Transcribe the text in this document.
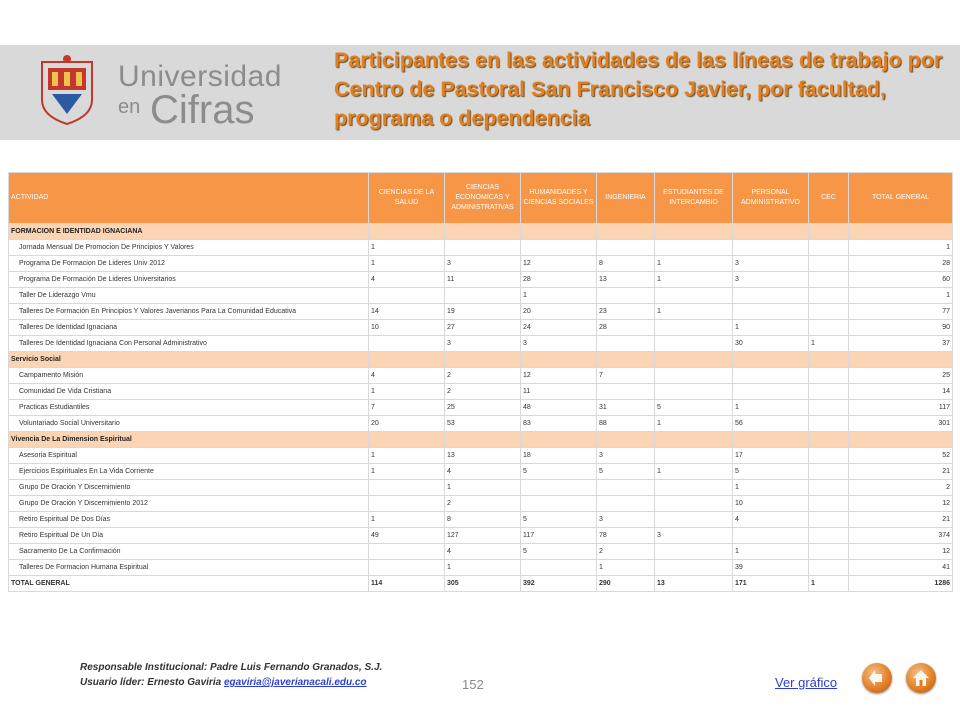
Universidad
en Cifras
Participantes en las actividades de las líneas de trabajo por Centro de Pastoral San Francisco Javier, por facultad, programa o dependencia
ACTIVIDAD	CIENCIAS DE LA SALUD	CIENCIAS ECONOMICAS Y ADMINISTRATIVAS	HUMANIDADES Y CIENCIAS SOCIALES	INGENIERIA	ESTUDIANTES DE INTERCAMBIO	PERSONAL ADMINISTRATIVO	CEC	TOTAL GENERAL
FORMACION E IDENTIDAD IGNACIANA								
Jornada Mensual De Promocion De Principios Y Valores	1							1
Programa De Formacion De Lideres Univ 2012	1	3	12	8	1	3		28
Programa De Formación De Lideres Universitarios	4	11	28	13	1	3		60
Taller De Liderazgo Vmu			1					1
Talleres De Formación En Principios Y Valores Javerianos Para La Comunidad Educativa	14	19	20	23	1			77
Talleres De Identidad Ignaciana	10	27	24	28		1		90
Talleres De Identidad Ignaciana Con Personal Administrativo		3	3			30	1	37
Servicio Social								
Campamento Misión	4	2	12	7				25
Comunidad De Vida Cristiana	1	2	11					14
Practicas Estudiantiles	7	25	48	31	5	1		117
Voluntariado Social Universitario	20	53	83	88	1	56		301
Vivencia De La Dimension Espiritual								
Asesoria Espiritual	1	13	18	3		17		52
Ejercicios Espirituales En La Vida Corriente	1	4	5	5	1	5		21
Grupo De Oración Y Discernimiento		1				1		2
Grupo De Oración Y Discernimiento 2012		2				10		12
Retiro Espiritual De Dos Días	1	8	5	3		4		21
Retiro Espiritual De Un Día	49	127	117	78	3			374
Sacramento De La Confirmación		4	5	2		1		12
Talleres De Formacion Humana Espiritual		1		1		39		41
TOTAL GENERAL	114	305	392	290	13	171	1	1286
Responsable Institucional: Padre Luis Fernando Granados, S.J.
Usuario líder: Ernesto Gaviria egaviria@javerianacali.edu.co	152	Ver gráfico
